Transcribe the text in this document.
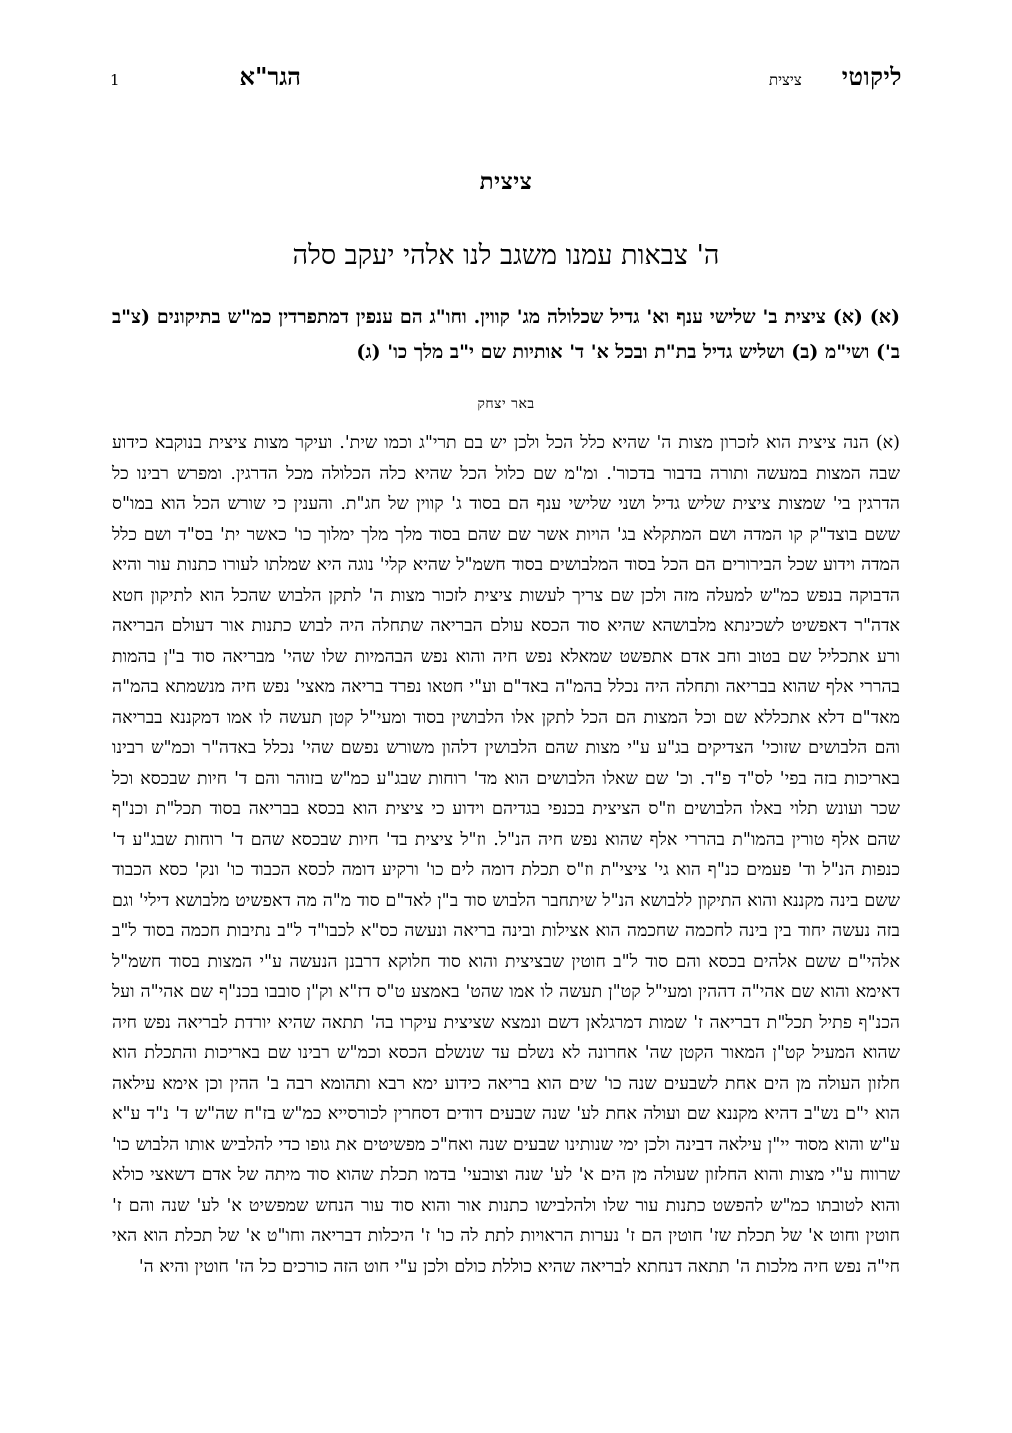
ליקוטי
ציצית
הגר"א
1
ציצית
ה' צבאות עמנו משגב לנו אלהי יעקב סלה
(א) (א) ציצית ב' שלישי ענף וא' גדיל שכלולה מג' קווין. וחו"ג הם ענפין דמתפרדין כמ"ש בתיקונים (צ"ב ב') ושי"מ (ב) ושליש גדיל בת"ת ובכל א' ד' אותיות שם י"ב מלך כו' (ג)
באר יצחק
(א) הנה ציצית הוא לזכרון מצות ה' שהיא כלל הכל ולכן יש בם תרי"ג וכמו שית'. ועיקר מצות ציצית בנוקבא כידוע שבה המצות במעשה ותורה בדבור בדכור'. ומ"מ שם כלול הכל שהיא כלה הכלולה מכל הדרגין. ומפרש רבינו כל הדרגין בי' שמצות ציצית שליש גדיל ושני שלישי ענף הם בסוד ג' קווין של חג"ת. והענין כי שורש הכל הוא במו"ס ששם בוצד"ק קו המדה ושם המתקלא בג' הויות אשר שם שהם בסוד מלך מלך ימלוך כו' כאשר ית' בס"ד ושם כלל המדה וידוע שכל הבירורים הם הכל בסוד המלבושים בסוד חשמ"ל שהיא קלי' נוגה היא שמלתו לעורו כתנות עור והיא הדבוקה בנפש כמ"ש למעלה מזה ולכן שם צריך לעשות ציצית לזכור מצות ה' לתקן הלבוש שהכל הוא לתיקון חטא אדה"ר דאפשיט לשכינתא מלבושהא שהיא סוד הכסא עולם הבריאה שתחלה היה לבוש כתנות אור דעולם הבריאה ורע אתכליל שם בטוב וחב אדם אתפשט שמאלא נפש חיה והוא נפש הבהמיות שלו שהי' מבריאה סוד ב"ן בהמות בהררי אלף שהוא בבריאה ותחלה היה נכלל בהמ"ה באד"ם וע"י חטאו נפרד בריאה מאצי' נפש חיה מנשמתא בהמ"ה מאד"ם דלא אתכללא שם וכל המצות הם הכל לתקן אלו הלבושין בסוד ומעי"ל קטן תעשה לו אמו דמקננא בבריאה והם הלבושים שזוכי' הצדיקים בג"ע ע"י מצות שהם הלבושין דלהון משורש נפשם שהי' נכלל באדה"ר וכמ"ש רבינו באריכות בזה בפי' לס"ד פ"ד. וכ' שם שאלו הלבושים הוא מד' רוחות שבג"ע כמ"ש בזוהר והם ד' חיות שבכסא וכל שכר ועונש תלוי באלו הלבושים וז"ס הציצית בכנפי בגדיהם וידוע כי ציצית הוא בכסא בבריאה בסוד תכל"ת וכנ"ף שהם אלף טורין בהמו"ת בהררי אלף שהוא נפש חיה הנ"ל. וז"ל ציצית בד' חיות שבכסא שהם ד' רוחות שבג"ע ד' כנפות הנ"ל וד' פעמים כנ"ף הוא גי' ציצי"ת וז"ס תכלת דומה לים כו' ורקיע דומה לכסא הכבוד כו' ונק' כסא הכבוד ששם בינה מקננא והוא התיקון ללבושא הנ"ל שיתחבר הלבוש סוד ב"ן לאד"ם סוד מ"ה מה דאפשיט מלבושא דילי' וגם בזה נעשה יחוד בין בינה לחכמה שחכמה הוא אצילות ובינה בריאה ונעשה כס"א לכבו"ד ל"ב נתיבות חכמה בסוד ל"ב אלהי"ם ששם אלהים בכסא והם סוד ל"ב חוטין שבציצית והוא סוד חלוקא דרבנן הנעשה ע"י המצות בסוד חשמ"ל דאימא והוא שם אהי"ה דההין ומעי"ל קט"ן תעשה לו אמו שהט' באמצע ט"ס דז"א וק"ן סובבו בכנ"ף שם אהי"ה ועל הכנ"ף פתיל תכל"ת דבריאה ז' שמות דמרגלאן דשם ונמצא שציצית עיקרו בה' תתאה שהיא יורדת לבריאה נפש חיה שהוא המעיל קט"ן המאור הקטן שה' אחרונה לא נשלם עד שנשלם הכסא וכמ"ש רבינו שם באריכות והתכלת הוא חלזון העולה מן הים אחת לשבעים שנה כו' שים הוא בריאה כידוע ימא רבא ותהומא רבה ב' ההין וכן אימא עילאה הוא י"ם נש"ב דהיא מקננא שם ועולה אחת לע' שנה שבעים דודים דסחרין לכורסייא כמ"ש בז"ח שה"ש ד' נ"ד ע"א ע"ש והוא מסוד יי"ן עילאה דבינה ולכן ימי שנותינו שבעים שנה ואח"כ מפשיטים את גופו כדי להלביש אותו הלבוש כו' שרווח ע"י מצות והוא החלזון שעולה מן הים א' לע' שנה וצובעי' בדמו תכלת שהוא סוד מיתה של אדם דשאצי כולא והוא לטובתו כמ"ש להפשט כתנות עור שלו ולהלבישו כתנות אור והוא סוד עור הנחש שמפשיט א' לע' שנה והם ז' חוטין וחוט א' של תכלת שז' חוטין הם ז' נערות הראויות לתת לה כו' ז' היכלות דבריאה וחו"ט א' של תכלת הוא האי חי"ה נפש חיה מלכות ה' תתאה דנחתא לבריאה שהיא כוללת כולם ולכן ע"י חוט הזה כורכים כל הז' חוטין והיא ה'
